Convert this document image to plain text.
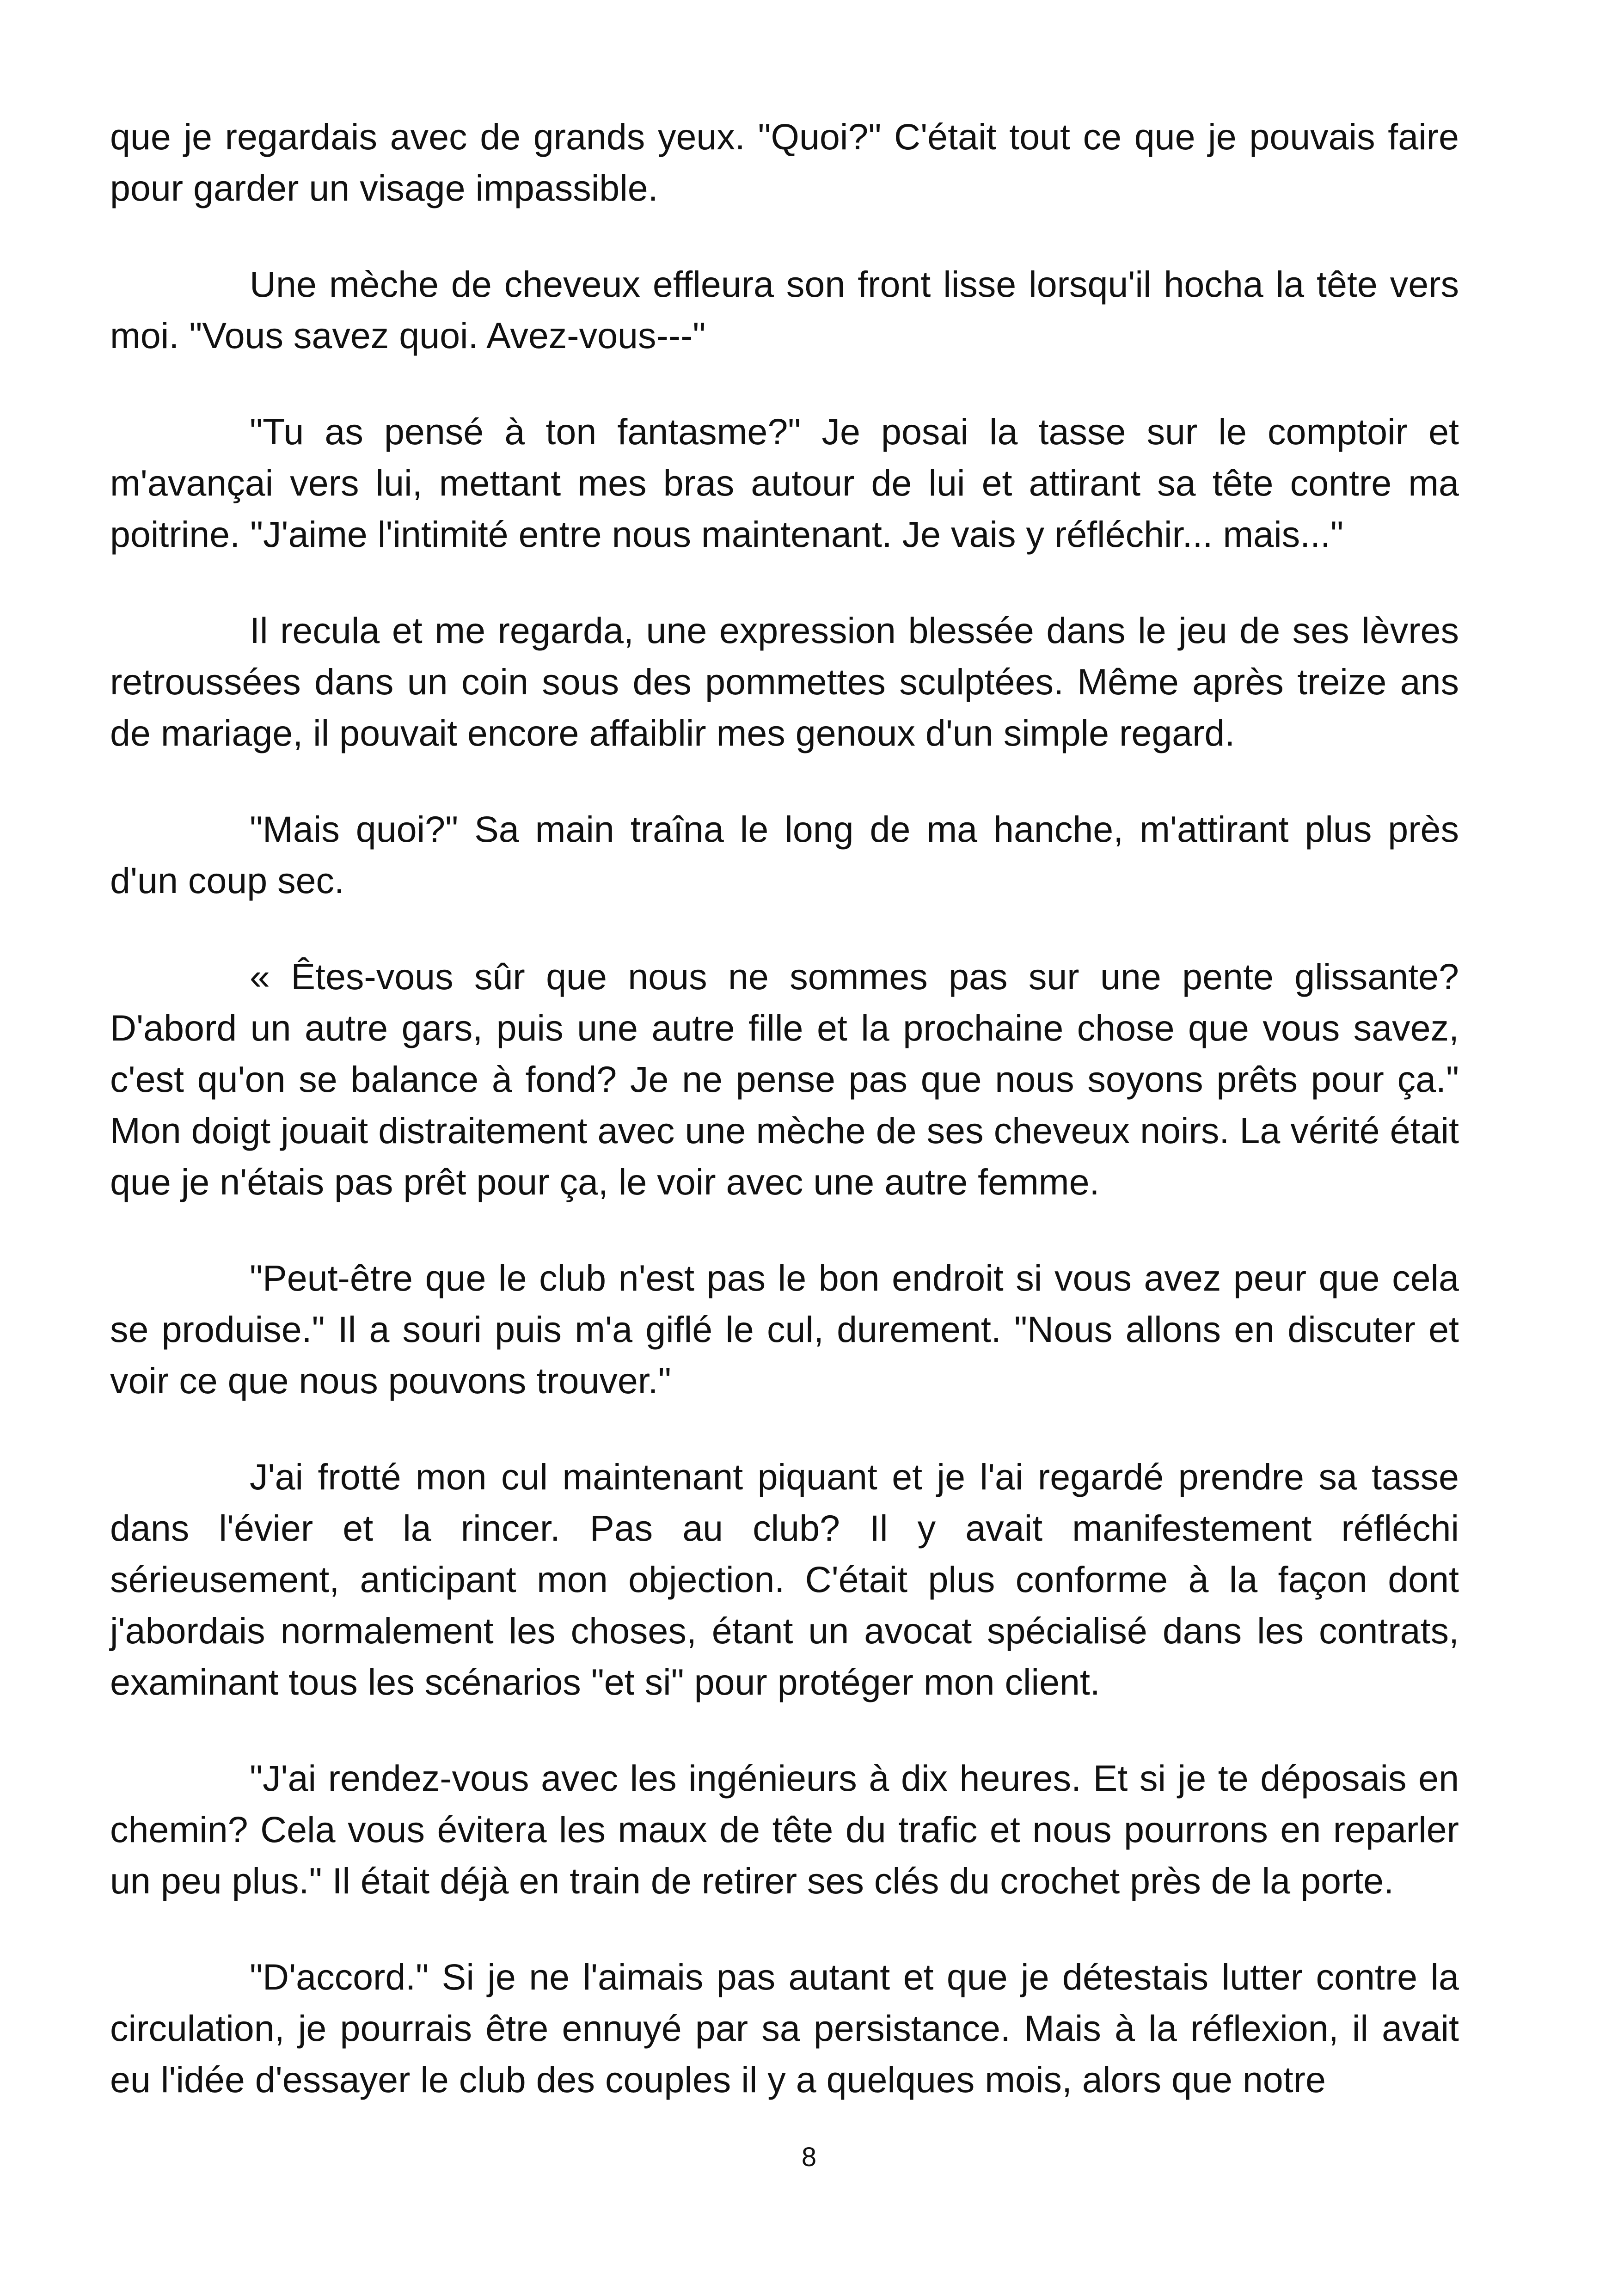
que je regardais avec de grands yeux. "Quoi?" C'était tout ce que je pouvais faire pour garder un visage impassible.

Une mèche de cheveux effleura son front lisse lorsqu'il hocha la tête vers moi. "Vous savez quoi. Avez-vous---"

"Tu as pensé à ton fantasme?" Je posai la tasse sur le comptoir et m'avançai vers lui, mettant mes bras autour de lui et attirant sa tête contre ma poitrine. "J'aime l'intimité entre nous maintenant. Je vais y réfléchir... mais..."

Il recula et me regarda, une expression blessée dans le jeu de ses lèvres retroussées dans un coin sous des pommettes sculptées. Même après treize ans de mariage, il pouvait encore affaiblir mes genoux d'un simple regard.

"Mais quoi?" Sa main traîna le long de ma hanche, m'attirant plus près d'un coup sec.

« Êtes-vous sûr que nous ne sommes pas sur une pente glissante? D'abord un autre gars, puis une autre fille et la prochaine chose que vous savez, c'est qu'on se balance à fond? Je ne pense pas que nous soyons prêts pour ça." Mon doigt jouait distraitement avec une mèche de ses cheveux noirs. La vérité était que je n'étais pas prêt pour ça, le voir avec une autre femme.

"Peut-être que le club n'est pas le bon endroit si vous avez peur que cela se produise." Il a souri puis m'a giflé le cul, durement. "Nous allons en discuter et voir ce que nous pouvons trouver."

J'ai frotté mon cul maintenant piquant et je l'ai regardé prendre sa tasse dans l'évier et la rincer. Pas au club? Il y avait manifestement réfléchi sérieusement, anticipant mon objection. C'était plus conforme à la façon dont j'abordais normalement les choses, étant un avocat spécialisé dans les contrats, examinant tous les scénarios "et si" pour protéger mon client.

"J'ai rendez-vous avec les ingénieurs à dix heures. Et si je te déposais en chemin? Cela vous évitera les maux de tête du trafic et nous pourrons en reparler un peu plus." Il était déjà en train de retirer ses clés du crochet près de la porte.

"D'accord." Si je ne l'aimais pas autant et que je détestais lutter contre la circulation, je pourrais être ennuyé par sa persistance. Mais à la réflexion, il avait eu l'idée d'essayer le club des couples il y a quelques mois, alors que notre

8
